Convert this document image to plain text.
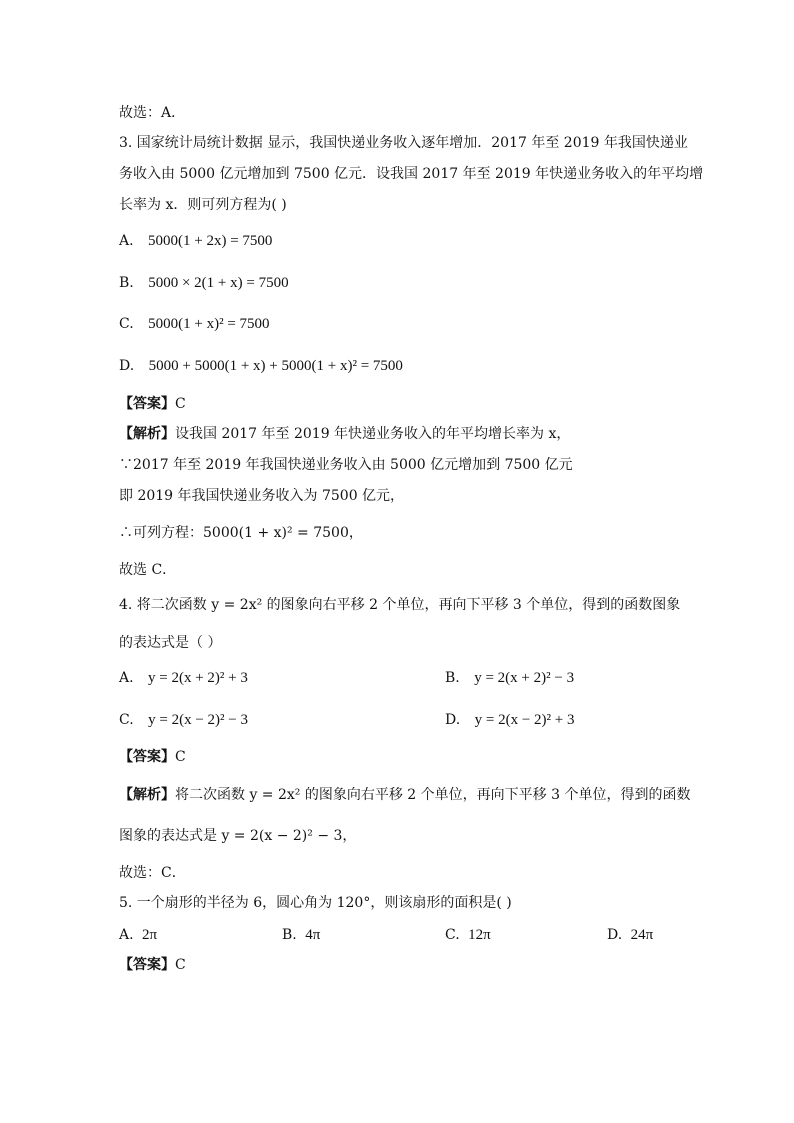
故选：A．
3. 国家统计局统计数据 显示，我国快递业务收入逐年增加．2017 年至 2019 年我国快递业
务收入由 5000 亿元增加到 7500 亿元．设我国 2017 年至 2019 年快递业务收入的年平均增
长率为 x．则可列方程为( )
A. 5000(1 + 2x) = 7500
B. 5000 × 2(1 + x) = 7500
C. 5000(1 + x)² = 7500
D. 5000 + 5000(1 + x) + 5000(1 + x)² = 7500
【答案】C
【解析】设我国 2017 年至 2019 年快递业务收入的年平均增长率为 x，
∵2017 年至 2019 年我国快递业务收入由 5000 亿元增加到 7500 亿元
即 2019 年我国快递业务收入为 7500 亿元，
∴可列方程：5000(1 + x)² = 7500，
故选 C．
4. 将二次函数 y = 2x² 的图象向右平移 2 个单位，再向下平移 3 个单位，得到的函数图象
的表达式是（ ）
A. y = 2(x + 2)² + 3	B. y = 2(x + 2)² − 3
C. y = 2(x − 2)² − 3	D. y = 2(x − 2)² + 3
【答案】C
【解析】将二次函数 y = 2x² 的图象向右平移 2 个单位，再向下平移 3 个单位，得到的函数
图象的表达式是 y = 2(x − 2)² − 3，
故选：C．
5. 一个扇形的半径为 6，圆心角为 120°，则该扇形的面积是( )
A. 2π	B. 4π	C. 12π	D. 24π
【答案】C
